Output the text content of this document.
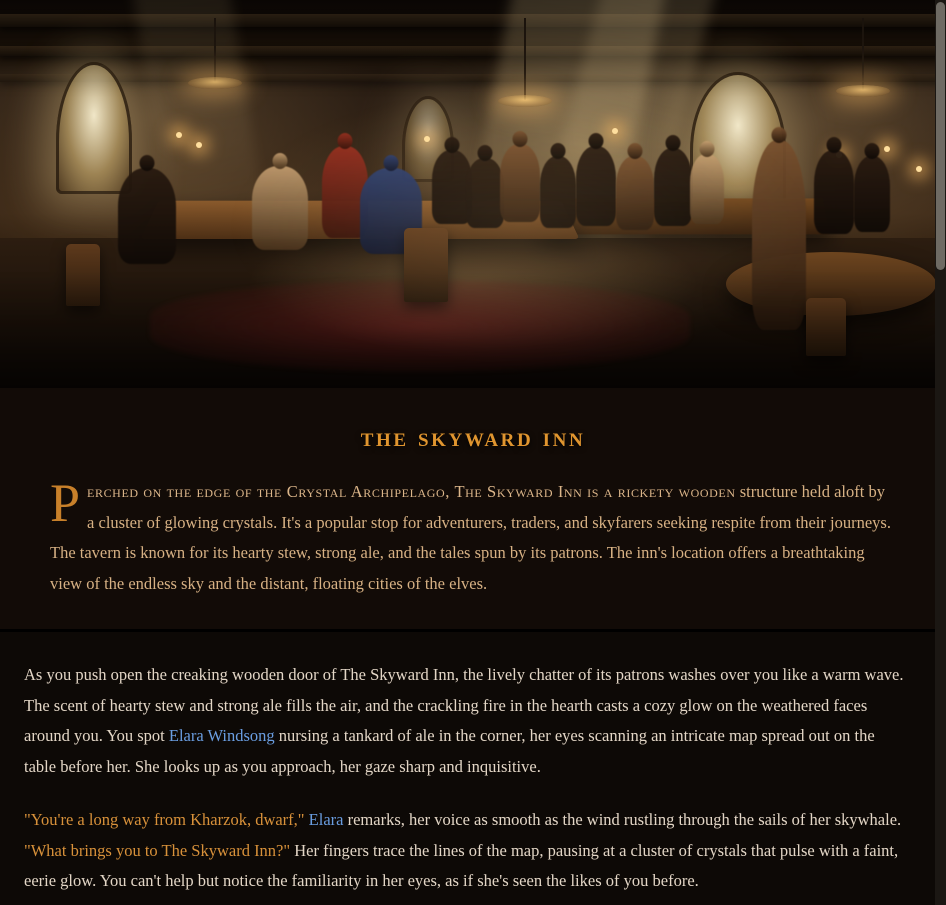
the skyward inn

Perched on the edge of the Crystal Archipelago, The Skyward Inn is a rickety wooden structure held aloft by a cluster of glowing crystals. It's a popular stop for adventurers, traders, and skyfarers seeking respite from their journeys. The tavern is known for its hearty stew, strong ale, and the tales spun by its patrons. The inn's location offers a breathtaking view of the endless sky and the distant, floating cities of the elves.

As you push open the creaking wooden door of The Skyward Inn, the lively chatter of its patrons washes over you like a warm wave. The scent of hearty stew and strong ale fills the air, and the crackling fire in the hearth casts a cozy glow on the weathered faces around you. You spot Elara Windsong nursing a tankard of ale in the corner, her eyes scanning an intricate map spread out on the table before her. She looks up as you approach, her gaze sharp and inquisitive.

"You're a long way from Kharzok, dwarf," Elara remarks, her voice as smooth as the wind rustling through the sails of her skywhale. "What brings you to The Skyward Inn?" Her fingers trace the lines of the map, pausing at a cluster of crystals that pulse with a faint, eerie glow. You can't help but notice the familiarity in her eyes, as if she's seen the likes of you before.
